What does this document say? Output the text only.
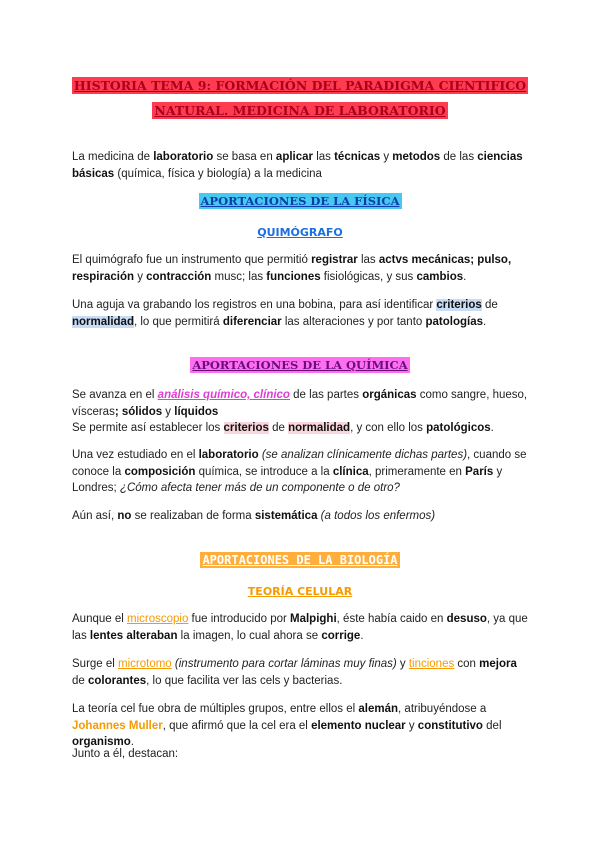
HISTORIA TEMA 9: FORMACIÓN DEL PARADIGMA CIENTIFICO
NATURAL. MEDICINA DE LABORATORIO
La medicina de laboratorio se basa en aplicar las técnicas y metodos de las ciencias básicas (química, física y biología) a la medicina
APORTACIONES DE LA FÍSICA
QUIMÓGRAFO
El quimógrafo fue un instrumento que permitió registrar las actvs mecánicas; pulso, respiración y contracción musc; las funciones fisiológicas, y sus cambios.
Una aguja va grabando los registros en una bobina, para así identificar criterios de normalidad, lo que permitirá diferenciar las alteraciones y por tanto patologías.
APORTACIONES DE LA QUÍMICA
Se avanza en el análisis químico, clínico de las partes orgánicas como sangre, hueso, vísceras; sólidos y líquidos
Se permite así establecer los criterios de normalidad, y con ello los patológicos.
Una vez estudiado en el laboratorio (se analizan clínicamente dichas partes), cuando se conoce la composición química, se introduce a la clínica, primeramente en París y Londres; ¿Cómo afecta tener más de un componente o de otro?
Aún así, no se realizaban de forma sistemática (a todos los enfermos)
APORTACIONES DE LA BIOLOGÍA
TEORÍA CELULAR
Aunque el microscopio fue introducido por Malpighi, éste había caido en desuso, ya que las lentes alteraban la imagen, lo cual ahora se corrige.
Surge el microtomo (instrumento para cortar láminas muy finas) y tinciones con mejora de colorantes, lo que facilita ver las cels y bacterias.
La teoría cel fue obra de múltiples grupos, entre ellos el alemán, atribuyéndose a Johannes Muller, que afirmó que la cel era el elemento nuclear y constitutivo del organismo.
Junto a él, destacan:
